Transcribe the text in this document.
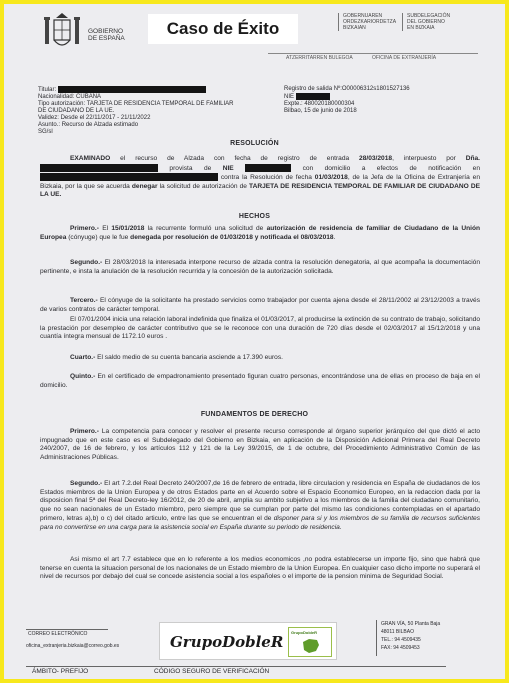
GOBIERNO
DE ESPAÑA
Caso de Éxito
GOBERNUAREN
ORDEZKARIORDETZA
BIZKAIAN
SUBDELEGACIÓN
DEL GOBIERNO
EN BIZKAIA
ATZERRITARREN BULEGOA	OFICINA DE EXTRANJERÍA
Titular:
Nacionalidad: CUBANA
Tipo autorización: TARJETA DE RESIDENCIA TEMPORAL DE FAMILIAR
DE CIUDADANO DE LA UE.
Validez: Desde el 22/11/2017 - 21/11/2022
Asunto.: Recurso de Alzada estimado
SG/sl
Registro de salida Nº:O00006312s1801527136
NIE
Expte.: 480020180000304
Bilbao, 15 de junio de 2018
RESOLUCIÓN
EXAMINADO el recurso de Alzada con fecha de registro de entrada 28/03/2018, interpuesto por Dña.  provista de NIE	con domicilio a efectos de notificación en  contra la Resolución de fecha 01/03/2018, de la Jefa de la Oficina de Extranjería en Bizkaia, por la que se acuerda denegar la solicitud de autorización de TARJETA DE RESIDENCIA TEMPORAL DE FAMILIAR DE CIUDADANO DE LA UE.
HECHOS
Primero.- El 15/01/2018 la recurrente formuló una solicitud de autorización de residencia de familiar de Ciudadano de la Unión Europea (cónyuge) que le fue denegada por resolución de 01/03/2018 y notificada el 08/03/2018.
Segundo.- El 28/03/2018 la interesada interpone recurso de alzada contra la resolución denegatoria, al que acompaña la documentación pertinente, e insta la anulación de la resolución recurrida y la concesión de la autorización solicitada.
Tercero.- El cónyuge de la solicitante ha prestado servicios como trabajador por cuenta ajena desde el 28/11/2002 al 23/12/2003 a través de varios contratos de carácter temporal.
El 07/01/2004 inicia una relación laboral indefinida que finaliza el 01/03/2017, al producirse la extinción de su contrato de trabajo, solicitando la prestación por desempleo de carácter contributivo que se le reconoce con una duración de 720 días desde el 02/03/2017 al 15/12/2018 y una cuantía íntegra mensual de 1172.10 euros .
Cuarto.- El saldo medio de su cuenta bancaria asciende a 17.390 euros.
Quinto.- En el certificado de empadronamiento presentado figuran cuatro personas, encontrándose una de ellas en proceso de baja en el domicilio.
FUNDAMENTOS DE DERECHO
Primero.- La competencia para conocer y resolver el presente recurso corresponde al órgano superior jerárquico del que dictó el acto impugnado que en este caso es el Subdelegado del Gobierno en Bizkaia, en aplicación de la Disposición Adicional Primera del Real Decreto 240/2007, de 16 de febrero, y los artículos 112 y 121 de la Ley 39/2015, de 1 de octubre, del Procedimiento Administrativo Común de las Administraciones Públicas.
Segundo.- El art 7.2.del Real Decreto 240/2007,de 16 de febrero de entrada, libre circulacion y residencia en España de ciudadanos de los Estados miembros de la Union Europea y de otros Estados parte en el Acuerdo sobre el Espacio Economico Europeo, en la redaccion dada por la disposicion final 5ª del Real Decreto-ley 16/2012, de 20 de abril, amplia su ambito subjetivo a los miembros de la familia del ciudadano comunitario, que no sean nacionales de un Estado miembro, pero siempre que se cumplan por parte del mismo las condiciones contempladas en el apartado primero, letras a),b) o c) del citado articulo, entre las que se encuentran el de disponer para si y los miembros de su familia de recursos suficientes para no convertirse en una carga para la asistencia social en España durante su periodo de residencia.
Asi mismo el art 7.7 establece que en lo referente a los medios economicos ,no podra establecerse un importe fijo, sino que habrá que tenerse en cuenta la situacion personal de los nacionales de un Estado miembro de la Union Europea. En cualquier caso dicho importe no superará el nivel de recursos por debajo del cual se concede asistencia social a los españoles o el importe de la pension minima de Seguridad Social.
CORREO ELECTRÓNICO
oficina_extranjeria.bizkaia@correo.gob.es	GrupoDobleR
GrupoDobleR
GRAN VÍA, 50 Planta Baja
48011 BILBAO
TEL.: 94 4509435
FAX: 94 4509453
ÁMBITO- PREFIJO	CÓDIGO SEGURO DE VERIFICACIÓN
